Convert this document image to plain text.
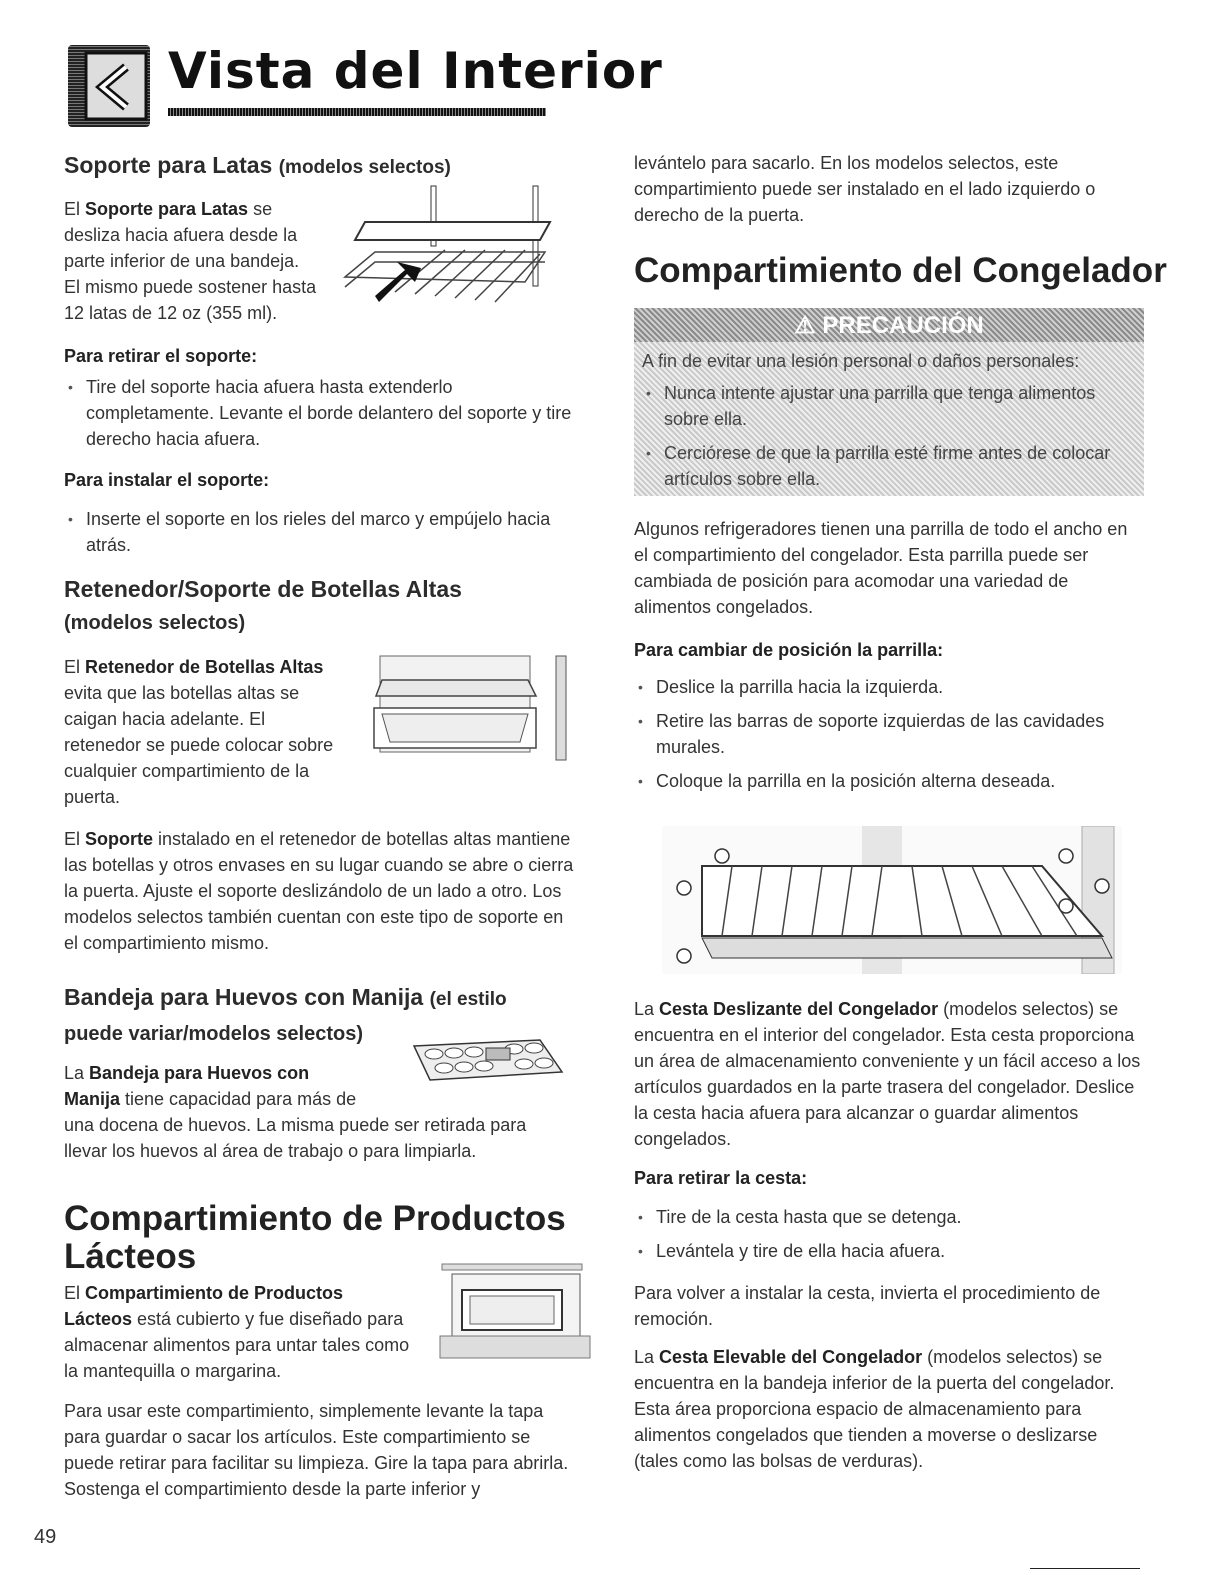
Vista del Interior
Soporte para Latas (modelos selectos)
El Soporte para Latas se
desliza hacia afuera desde la
parte inferior de una bandeja.
El mismo puede sostener hasta
12 latas de 12 oz (355 ml).
Para retirar el soporte:
• Tire del soporte hacia afuera hasta extenderlo completamente. Levante el borde delantero del soporte y tire derecho hacia afuera.
Para instalar el soporte:
• Inserte el soporte en los rieles del marco y empújelo hacia atrás.
Retenedor/Soporte de Botellas Altas
(modelos selectos)
El Retenedor de Botellas Altas
evita que las botellas altas se
caigan hacia adelante. El
retenedor se puede colocar sobre
cualquier compartimiento de la
puerta.
El Soporte instalado en el retenedor de botellas altas mantiene las botellas y otros envases en su lugar cuando se abre o cierra la puerta. Ajuste el soporte deslizándolo de un lado a otro. Los modelos selectos también cuentan con este tipo de soporte en el compartimiento mismo.
Bandeja para Huevos con Manija (el estilo
puede variar/modelos selectos)
La Bandeja para Huevos con
Manija tiene capacidad para más de
una docena de huevos. La misma puede ser retirada para llevar los huevos al área de trabajo o para limpiarla.
Compartimiento de Productos
Lácteos
El Compartimiento de Productos
Lácteos está cubierto y fue diseñado para
almacenar alimentos para untar tales como
la mantequilla o margarina.
Para usar este compartimiento, simplemente levante la tapa para guardar o sacar los artículos. Este compartimiento se puede retirar para facilitar su limpieza. Gire la tapa para abrirla. Sostenga el compartimiento desde la parte inferior y
levántelo para sacarlo. En los modelos selectos, este compartimiento puede ser instalado en el lado izquierdo o derecho de la puerta.
Compartimiento del Congelador
⚠ PRECAUCIÓN
A fin de evitar una lesión personal o daños personales:
• Nunca intente ajustar una parrilla que tenga alimentos sobre ella.
• Cerciórese de que la parrilla esté firme antes de colocar artículos sobre ella.
Algunos refrigeradores tienen una parrilla de todo el ancho en el compartimiento del congelador. Esta parrilla puede ser cambiada de posición para acomodar una variedad de alimentos congelados.
Para cambiar de posición la parrilla:
• Deslice la parrilla hacia la izquierda.
• Retire las barras de soporte izquierdas de las cavidades murales.
• Coloque la parrilla en la posición alterna deseada.
La Cesta Deslizante del Congelador (modelos selectos) se encuentra en el interior del congelador. Esta cesta proporciona un área de almacenamiento conveniente y un fácil acceso a los artículos guardados en la parte trasera del congelador. Deslice la cesta hacia afuera para alcanzar o guardar alimentos congelados.
Para retirar la cesta:
• Tire de la cesta hasta que se detenga.
• Levántela y tire de ella hacia afuera.
Para volver a instalar la cesta, invierta el procedimiento de remoción.
La Cesta Elevable del Congelador (modelos selectos) se encuentra en la bandeja inferior de la puerta del congelador. Esta área proporciona espacio de almacenamiento para alimentos congelados que tienden a moverse o deslizarse (tales como las bolsas de verduras).
49
